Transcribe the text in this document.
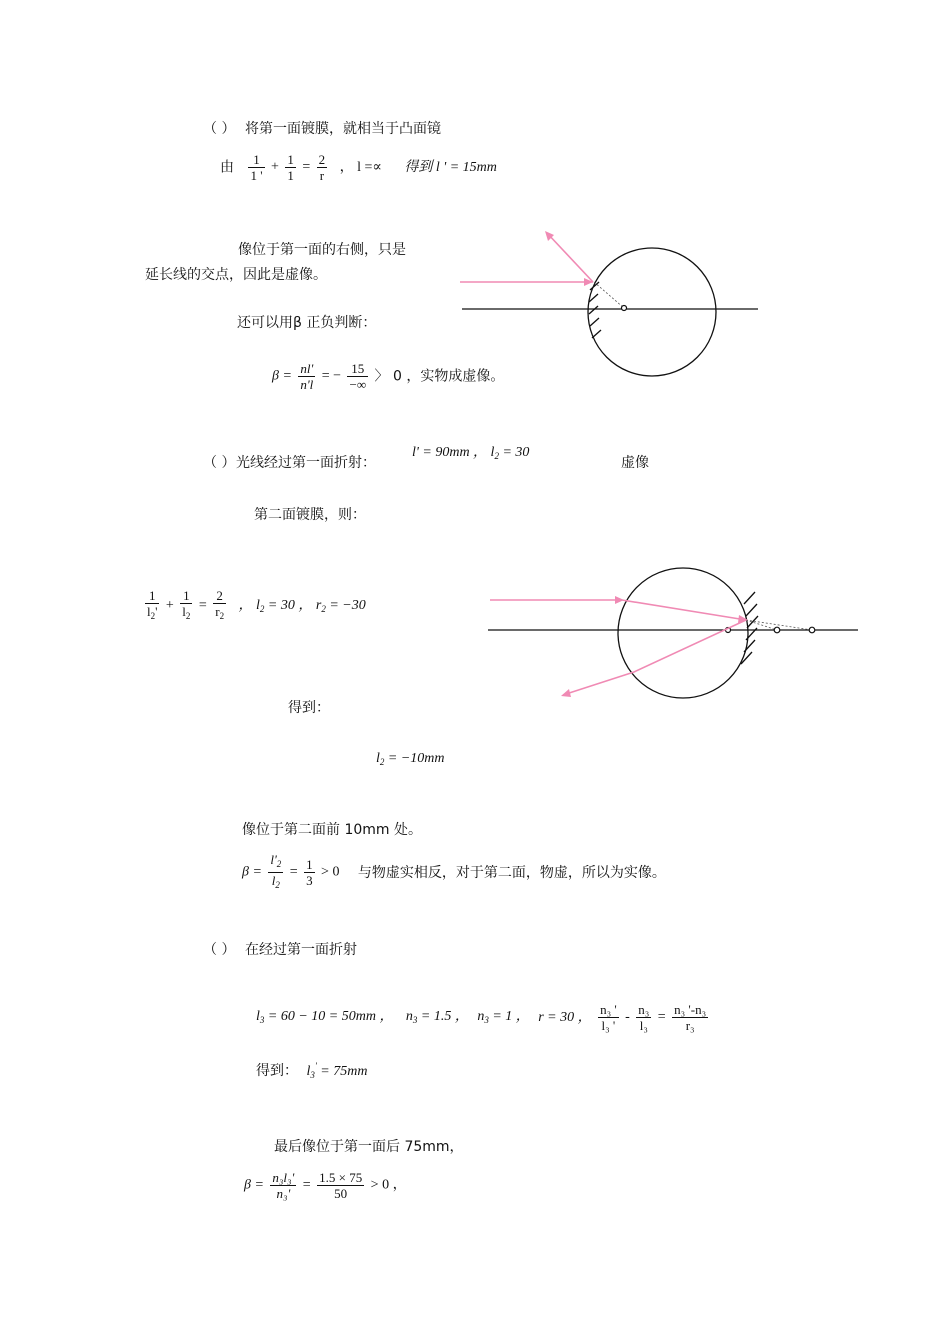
（ ） 将第一面镀膜，就相当于凸面镜
由 $\frac{1}{1 '} + \frac{1}{1} = \frac{2}{r}$ ， l =∝ 得到 l ' = 15mm
像位于第一面的右侧，只是
延长线的交点，因此是虚像。
还可以用β 正负判断：
$\beta = \frac{nl'}{n'l}$ = − $\frac{15}{-\infty}$ 〉 0 ，实物成虚像。
（ ） 光线经过第一面折射：
l' = 90mm ， $l_2 = 30$
虚像
第二面镀膜，则：
$\frac{1}{l_2'} + \frac{1}{l_2} = \frac{2}{r_2}$ ， $l_2 = 30$ ， $r_2 = -30$
得到：
$l_2 = -10mm$
像位于第二面前 10mm 处。
$\beta = \frac{l'_2}{l_2} = \frac{1}{3} > 0$ 与物虚实相反，对于第二面，物虚，所以为实像。
（ ） 在经过第一面折射
$l_3 = 60 - 10 = 50mm$ ， $n_3 = 1.5$ ， $n_3 = 1$ ， r = 30 ， $\frac{\text{n₃ '}}{\text{l₃ '}} - \frac{\text{n₃}}{\text{l₃}} = \frac{\text{n₃ '-n₃}}{\text{r₃}}$
得到： $l_3' = 75mm$
最后像位于第一面后 75mm，
$\beta = \frac{\text{n₃l₃'}}{\text{n₃'}} = \frac{1.5 \times 75}{50} > 0$ ，
